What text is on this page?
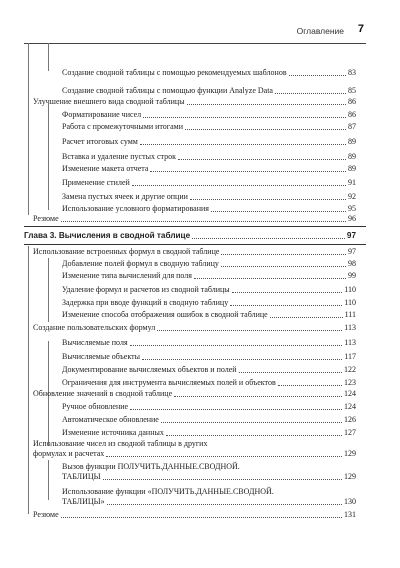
Оглавление 7
Создание сводной таблицы с помощью рекомендуемых шаблонов	83
Создание сводной таблицы с помощью функции Analyze Data	85
Улучшение внешнего вида сводной таблицы	86
Форматирование чисел	86
Работа с промежуточными итогами	87
Расчет итоговых сумм	89
Вставка и удаление пустых строк	89
Изменение макета отчета	89
Применение стилей	91
Замена пустых ячеек и другие опции	92
Использование условного форматирования	95
Резюме	96
Глава 3. Вычисления в сводной таблице	97
Использование встроенных формул в сводной таблице	97
Добавление полей формул в сводную таблицу	98
Изменение типа вычислений для поля	99
Удаление формул и расчетов из сводной таблицы	110
Задержка при вводе функций в сводную таблицу	110
Изменение способа отображения ошибок в сводной таблице	111
Создание пользовательских формул	113
Вычисляемые поля	113
Вычисляемые объекты	117
Документирование вычисляемых объектов и полей	122
Ограничения для инструмента вычисляемых полей и объектов	123
Обновление значений в сводной таблице	124
Ручное обновление	124
Автоматическое обновление	126
Изменение источника данных	127
Использование чисел из сводной таблицы в других
формулах и расчетах	129
Вызов функции ПОЛУЧИТЬ.ДАННЫЕ.СВОДНОЙ.
ТАБЛИЦЫ	129
Использование функции «ПОЛУЧИТЬ.ДАННЫЕ.СВОДНОЙ.
ТАБЛИЦЫ»	130
Резюме	131
